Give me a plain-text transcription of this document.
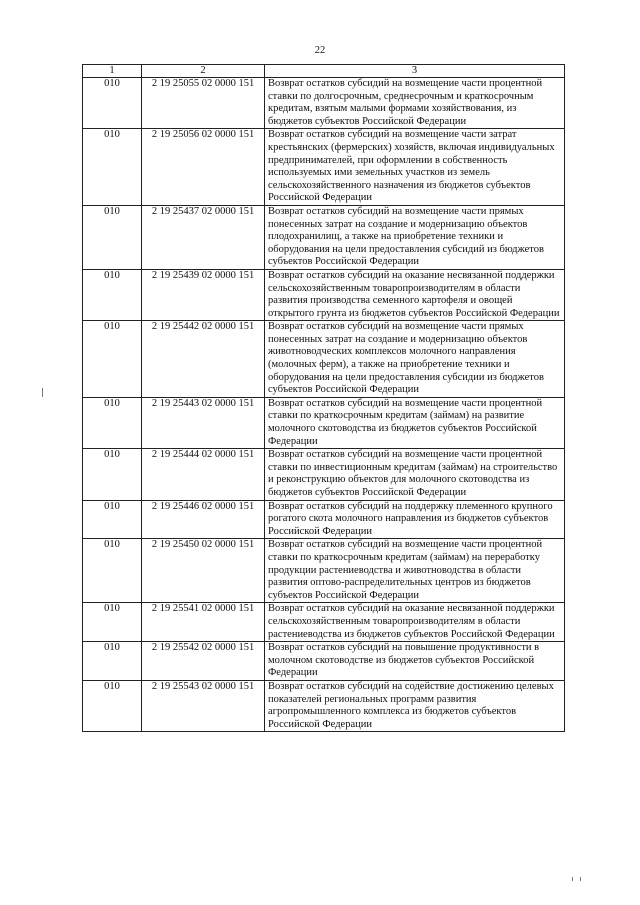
22
1	2	3
010	2 19 25055 02 0000 151	Возврат остатков субсидий на возмещение части процентной ставки по долгосрочным, среднесрочным и краткосрочным кредитам, взятым малыми формами хозяйствования, из бюджетов субъектов Российской Федерации
010	2 19 25056 02 0000 151	Возврат остатков субсидий на возмещение части затрат крестьянских (фермерских) хозяйств, включая индивидуальных предпринимателей, при оформлении в собственность используемых ими земельных участков из земель сельскохозяйственного назначения из бюджетов субъектов Российской Федерации
010	2 19 25437 02 0000 151	Возврат остатков субсидий на возмещение части прямых понесенных затрат на создание и модернизацию объектов плодохранилищ, а также на приобретение техники и оборудования на цели предоставления субсидий из бюджетов субъектов Российской Федерации
010	2 19 25439 02 0000 151	Возврат остатков субсидий на оказание несвязанной поддержки сельскохозяйственным товаропроизводителям в области развития производства семенного картофеля и овощей открытого грунта из бюджетов субъектов Российской Федерации
010	2 19 25442 02 0000 151	Возврат остатков субсидий на возмещение части прямых понесенных затрат на создание и модернизацию объектов животноводческих комплексов молочного направления (молочных ферм), а также на приобретение техники и оборудования на цели предоставления субсидии из бюджетов субъектов Российской Федерации
010	2 19 25443 02 0000 151	Возврат остатков субсидий на возмещение части процентной ставки по краткосрочным кредитам (займам) на развитие молочного скотоводства из бюджетов субъектов Российской Федерации
010	2 19 25444 02 0000 151	Возврат остатков субсидий на возмещение части процентной ставки по инвестиционным кредитам (займам) на строительство и реконструкцию объектов для молочного скотоводства из бюджетов субъектов Российской Федерации
010	2 19 25446 02 0000 151	Возврат остатков субсидий на поддержку племенного крупного рогатого скота молочного направления из бюджетов субъектов Российской Федерации
010	2 19 25450 02 0000 151	Возврат остатков субсидий на возмещение части процентной ставки по краткосрочным кредитам (займам) на переработку продукции растениеводства и животноводства в области развития оптово-распределительных центров из бюджетов субъектов Российской Федерации
010	2 19 25541 02 0000 151	Возврат остатков субсидий на оказание несвязанной поддержки сельскохозяйственным товаропроизводителям в области растениеводства из бюджетов субъектов Российской Федерации
010	2 19 25542 02 0000 151	Возврат остатков субсидий на повышение продуктивности в молочном скотоводстве из бюджетов субъектов Российской Федерации
010	2 19 25543 02 0000 151	Возврат остатков субсидий на содействие достижению целевых показателей региональных программ развития агропромышленного комплекса из бюджетов субъектов Российской Федерации
